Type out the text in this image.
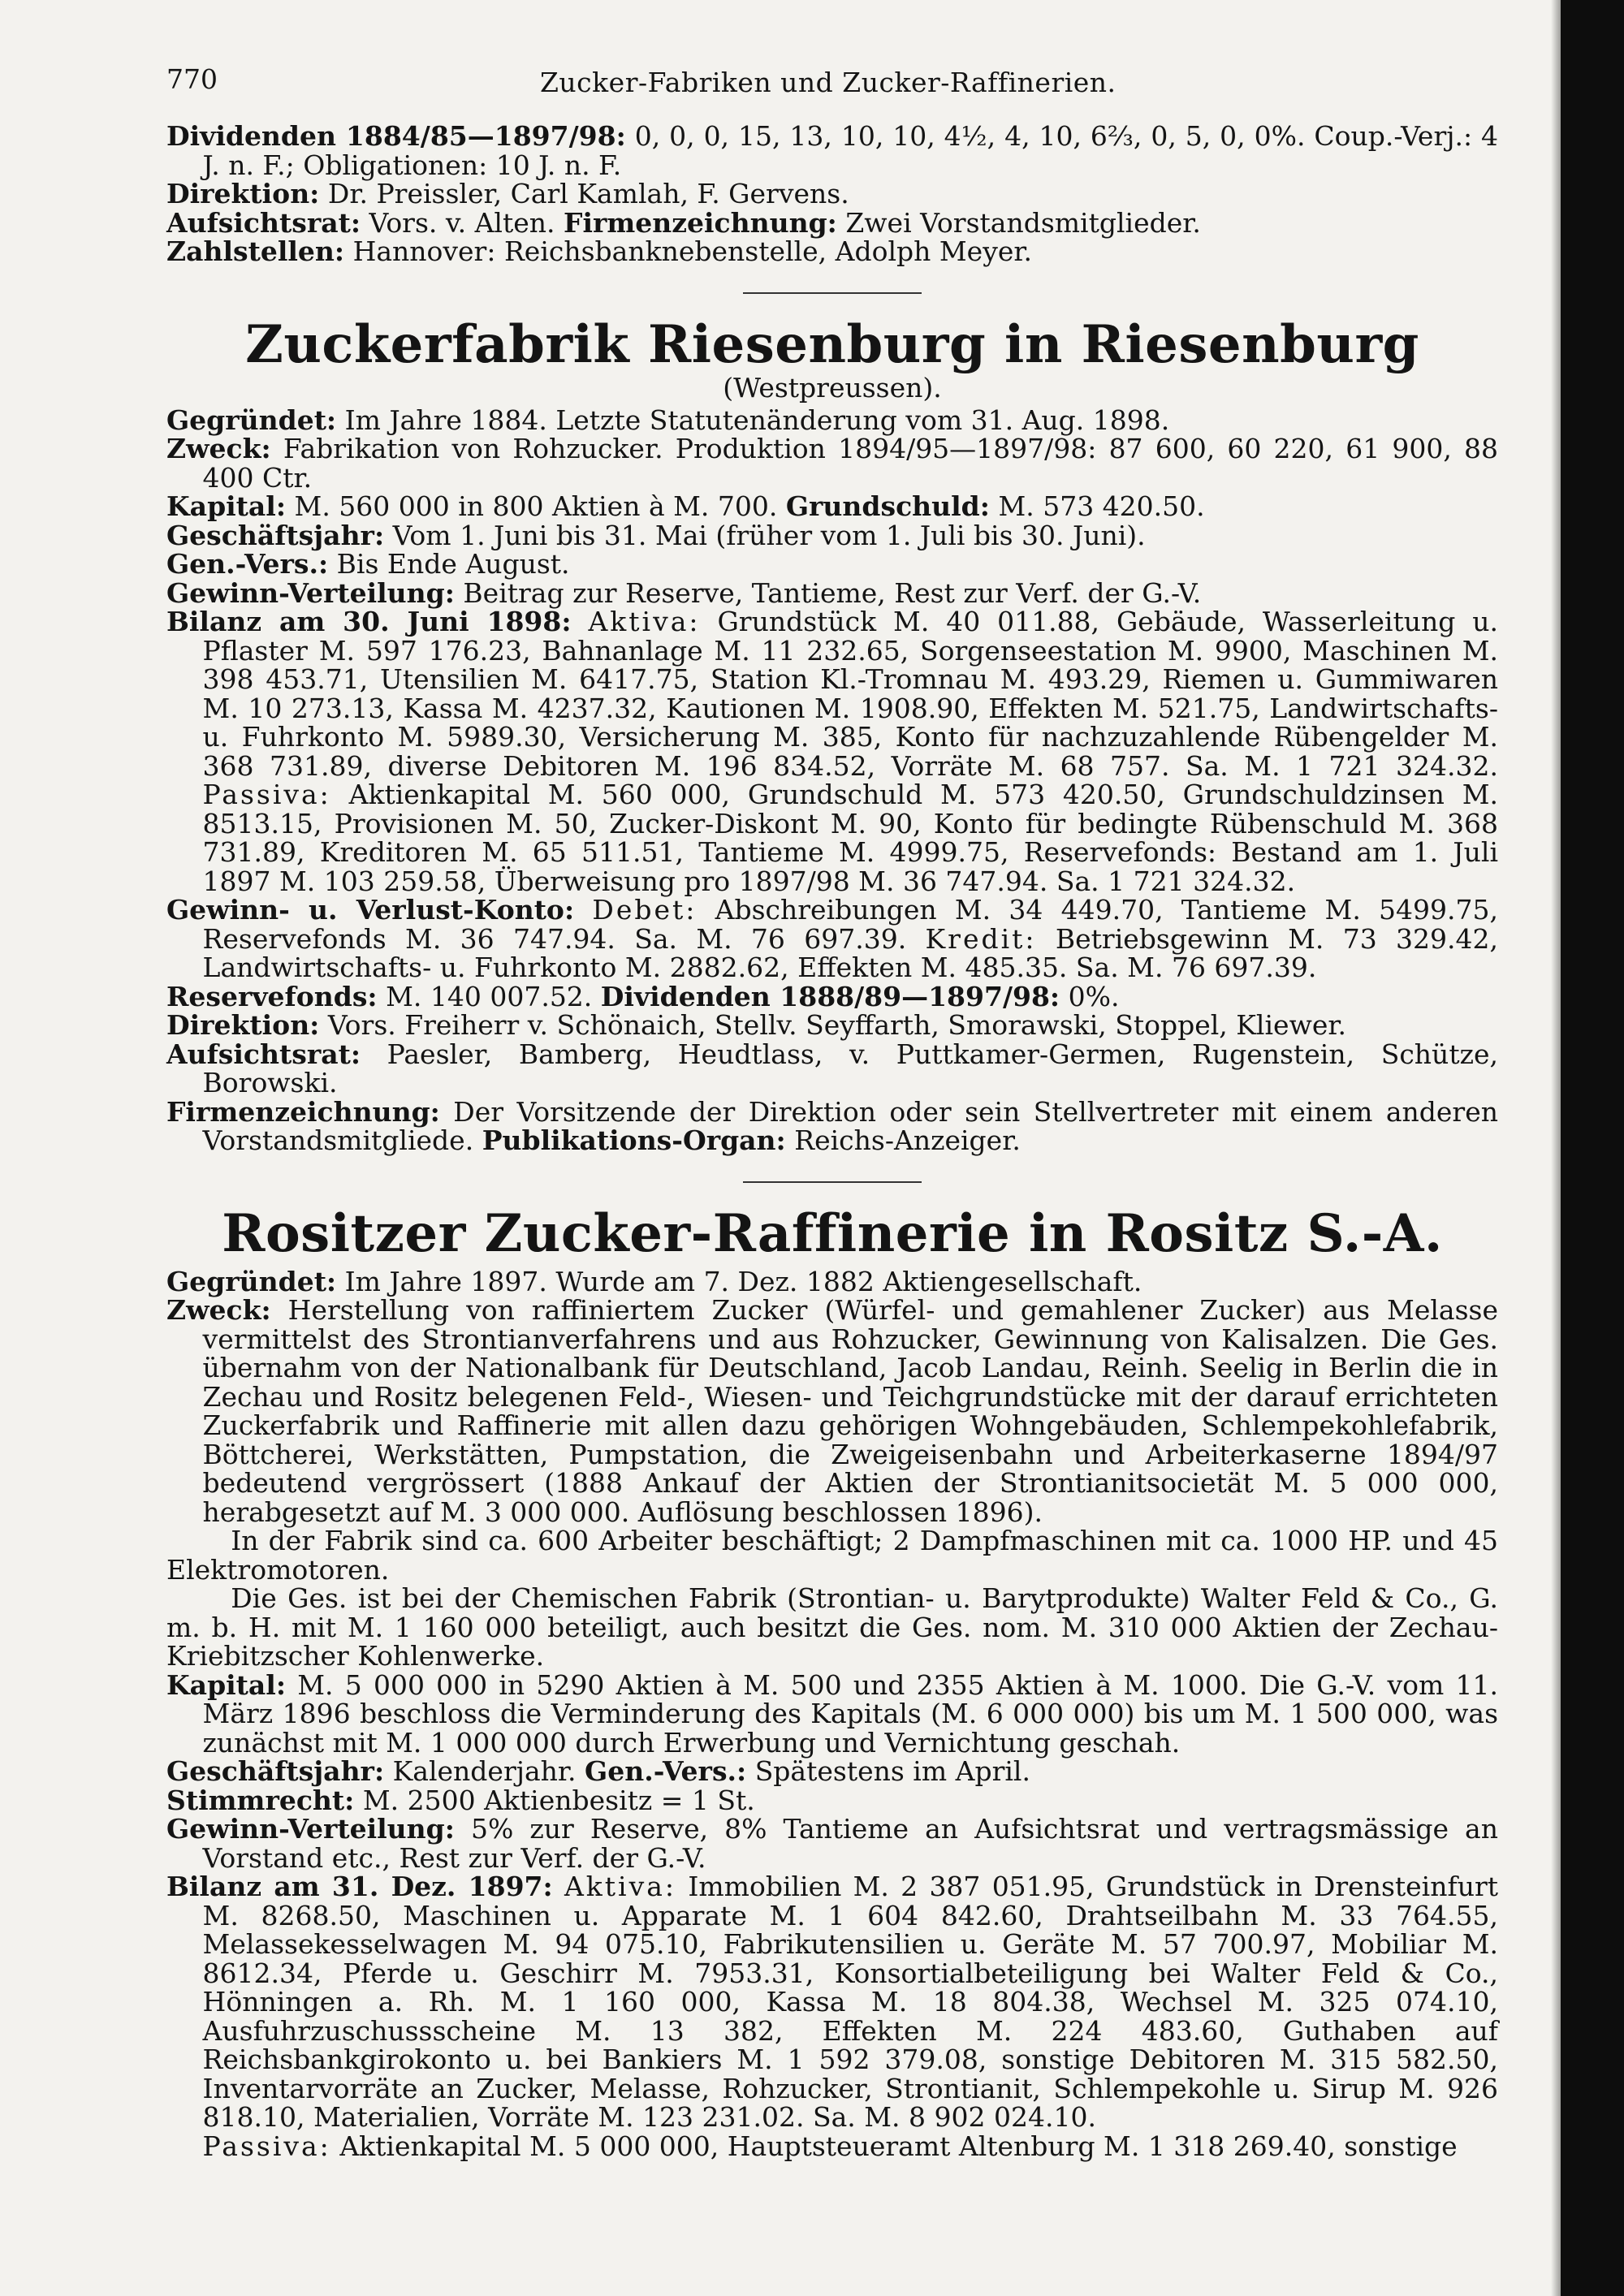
770	Zucker-Fabriken und Zucker-Raffinerien.

Dividenden 1884/85—1897/98: 0, 0, 0, 15, 13, 10, 10, 4½, 4, 10, 6⅔, 0, 5, 0, 0%. Coup.-Verj.: 4 J. n. F.; Obligationen: 10 J. n. F.

Direktion: Dr. Preissler, Carl Kamlah, F. Gervens.

Aufsichtsrat: Vors. v. Alten. Firmenzeichnung: Zwei Vorstandsmitglieder.

Zahlstellen: Hannover: Reichsbanknebenstelle, Adolph Meyer.

Zuckerfabrik Riesenburg in Riesenburg

(Westpreussen).

Gegründet: Im Jahre 1884. Letzte Statutenänderung vom 31. Aug. 1898.

Zweck: Fabrikation von Rohzucker. Produktion 1894/95—1897/98: 87 600, 60 220, 61 900, 88 400 Ctr.

Kapital: M. 560 000 in 800 Aktien à M. 700. Grundschuld: M. 573 420.50.

Geschäftsjahr: Vom 1. Juni bis 31. Mai (früher vom 1. Juli bis 30. Juni).

Gen.-Vers.: Bis Ende August.

Gewinn-Verteilung: Beitrag zur Reserve, Tantieme, Rest zur Verf. der G.-V.

Bilanz am 30. Juni 1898: Aktiva: Grundstück M. 40 011.88, Gebäude, Wasserleitung u. Pflaster M. 597 176.23, Bahnanlage M. 11 232.65, Sorgenseestation M. 9900, Maschinen M. 398 453.71, Utensilien M. 6417.75, Station Kl.-Tromnau M. 493.29, Riemen u. Gummiwaren M. 10 273.13, Kassa M. 4237.32, Kautionen M. 1908.90, Effekten M. 521.75, Landwirtschafts- u. Fuhrkonto M. 5989.30, Versicherung M. 385, Konto für nachzuzahlende Rübengelder M. 368 731.89, diverse Debitoren M. 196 834.52, Vorräte M. 68 757. Sa. M. 1 721 324.32. Passiva: Aktienkapital M. 560 000, Grundschuld M. 573 420.50, Grundschuldzinsen M. 8513.15, Provisionen M. 50, Zucker-Diskont M. 90, Konto für bedingte Rübenschuld M. 368 731.89, Kreditoren M. 65 511.51, Tantieme M. 4999.75, Reservefonds: Bestand am 1. Juli 1897 M. 103 259.58, Überweisung pro 1897/98 M. 36 747.94. Sa. 1 721 324.32.

Gewinn- u. Verlust-Konto: Debet: Abschreibungen M. 34 449.70, Tantieme M. 5499.75, Reservefonds M. 36 747.94. Sa. M. 76 697.39. Kredit: Betriebsgewinn M. 73 329.42, Landwirtschafts- u. Fuhrkonto M. 2882.62, Effekten M. 485.35. Sa. M. 76 697.39.

Reservefonds: M. 140 007.52. Dividenden 1888/89—1897/98: 0%.

Direktion: Vors. Freiherr v. Schönaich, Stellv. Seyffarth, Smorawski, Stoppel, Kliewer.

Aufsichtsrat: Paesler, Bamberg, Heudtlass, v. Puttkamer-Germen, Rugenstein, Schütze, Borowski.

Firmenzeichnung: Der Vorsitzende der Direktion oder sein Stellvertreter mit einem anderen Vorstandsmitgliede. Publikations-Organ: Reichs-Anzeiger.

Rositzer Zucker-Raffinerie in Rositz S.-A.

Gegründet: Im Jahre 1897. Wurde am 7. Dez. 1882 Aktiengesellschaft.

Zweck: Herstellung von raffiniertem Zucker (Würfel- und gemahlener Zucker) aus Melasse vermittelst des Strontianverfahrens und aus Rohzucker, Gewinnung von Kalisalzen. Die Ges. übernahm von der Nationalbank für Deutschland, Jacob Landau, Reinh. Seelig in Berlin die in Zechau und Rositz belegenen Feld-, Wiesen- und Teichgrundstücke mit der darauf errichteten Zuckerfabrik und Raffinerie mit allen dazu gehörigen Wohngebäuden, Schlempekohlefabrik, Böttcherei, Werkstätten, Pumpstation, die Zweigeisenbahn und Arbeiterkaserne 1894/97 bedeutend vergrössert (1888 Ankauf der Aktien der Strontianitsocietät M. 5 000 000, herabgesetzt auf M. 3 000 000. Auflösung beschlossen 1896).

In der Fabrik sind ca. 600 Arbeiter beschäftigt; 2 Dampfmaschinen mit ca. 1000 HP. und 45 Elektromotoren.

Die Ges. ist bei der Chemischen Fabrik (Strontian- u. Barytprodukte) Walter Feld & Co., G. m. b. H. mit M. 1 160 000 beteiligt, auch besitzt die Ges. nom. M. 310 000 Aktien der Zechau-Kriebitzscher Kohlenwerke.

Kapital: M. 5 000 000 in 5290 Aktien à M. 500 und 2355 Aktien à M. 1000. Die G.-V. vom 11. März 1896 beschloss die Verminderung des Kapitals (M. 6 000 000) bis um M. 1 500 000, was zunächst mit M. 1 000 000 durch Erwerbung und Vernichtung geschah.

Geschäftsjahr: Kalenderjahr. Gen.-Vers.: Spätestens im April.

Stimmrecht: M. 2500 Aktienbesitz = 1 St.

Gewinn-Verteilung: 5% zur Reserve, 8% Tantieme an Aufsichtsrat und vertragsmässige an Vorstand etc., Rest zur Verf. der G.-V.

Bilanz am 31. Dez. 1897: Aktiva: Immobilien M. 2 387 051.95, Grundstück in Drensteinfurt M. 8268.50, Maschinen u. Apparate M. 1 604 842.60, Drahtseilbahn M. 33 764.55, Melassekesselwagen M. 94 075.10, Fabrikutensilien u. Geräte M. 57 700.97, Mobiliar M. 8612.34, Pferde u. Geschirr M. 7953.31, Konsortialbeteiligung bei Walter Feld & Co., Hönningen a. Rh. M. 1 160 000, Kassa M. 18 804.38, Wechsel M. 325 074.10, Ausfuhrzuschussscheine M. 13 382, Effekten M. 224 483.60, Guthaben auf Reichsbankgirokonto u. bei Bankiers M. 1 592 379.08, sonstige Debitoren M. 315 582.50, Inventarvorräte an Zucker, Melasse, Rohzucker, Strontianit, Schlempekohle u. Sirup M. 926 818.10, Materialien, Vorräte M. 123 231.02. Sa. M. 8 902 024.10.
Passiva: Aktienkapital M. 5 000 000, Hauptsteueramt Altenburg M. 1 318 269.40, sonstige
